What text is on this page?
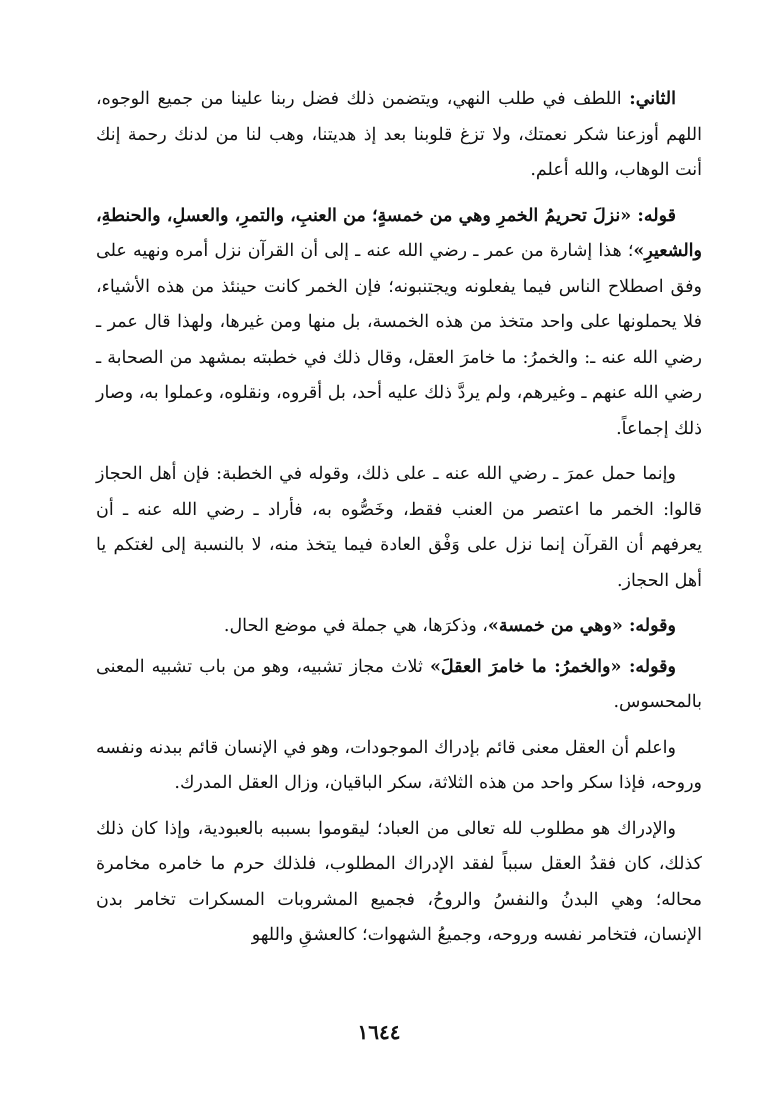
الثاني: اللطف في طلب النهي، ويتضمن ذلك فضل ربنا علينا من جميع الوجوه، اللهم أوزعنا شكر نعمتك، ولا تزغ قلوبنا بعد إذ هديتنا، وهب لنا من لدنك رحمة إنك أنت الوهاب، والله أعلم.

قوله: «نزلَ تحريمُ الخمرِ وهي من خمسةٍ؛ من العنبِ، والتمرِ، والعسلِ، والحنطةِ، والشعيرِ»؛ هذا إشارة من عمر ـ رضي الله عنه ـ إلى أن القرآن نزل أمره ونهيه على وفق اصطلاح الناس فيما يفعلونه ويجتنبونه؛ فإن الخمر كانت حينئذ من هذه الأشياء، فلا يحملونها على واحد متخذ من هذه الخمسة، بل منها ومن غيرها، ولهذا قال عمر ـ رضي الله عنه ـ: والخمرُ: ما خامرَ العقل، وقال ذلك في خطبته بمشهد من الصحابة ـ رضي الله عنهم ـ وغيرهم، ولم يردَّ ذلك عليه أحد، بل أقروه، ونقلوه، وعملوا به، وصار ذلك إجماعاً.

وإنما حمل عمرَ ـ رضي الله عنه ـ على ذلك، وقوله في الخطبة: فإن أهل الحجاز قالوا: الخمر ما اعتصر من العنب فقط، وخَصُّوه به، فأراد ـ رضي الله عنه ـ أن يعرفهم أن القرآن إنما نزل على وَفْق العادة فيما يتخذ منه، لا بالنسبة إلى لغتكم يا أهل الحجاز.

وقوله: «وهي من خمسة»، وذكرَها، هي جملة في موضع الحال.

وقوله: «والخمرُ: ما خامرَ العقلَ» ثلاث مجاز تشبيه، وهو من باب تشبيه المعنى بالمحسوس.

واعلم أن العقل معنى قائم بإدراك الموجودات، وهو في الإنسان قائم ببدنه ونفسه وروحه، فإذا سكر واحد من هذه الثلاثة، سكر الباقيان، وزال العقل المدرك.

والإدراك هو مطلوب لله تعالى من العباد؛ ليقوموا بسببه بالعبودية، وإذا كان ذلك كذلك، كان فقدُ العقل سبباً لفقد الإدراك المطلوب، فلذلك حرم ما خامره مخامرة محاله؛ وهي البدنُ والنفسُ والروحُ، فجميع المشروبات المسكرات تخامر بدن الإنسان، فتخامر نفسه وروحه، وجميعُ الشهوات؛ كالعشقِ واللهو

١٦٤٤
